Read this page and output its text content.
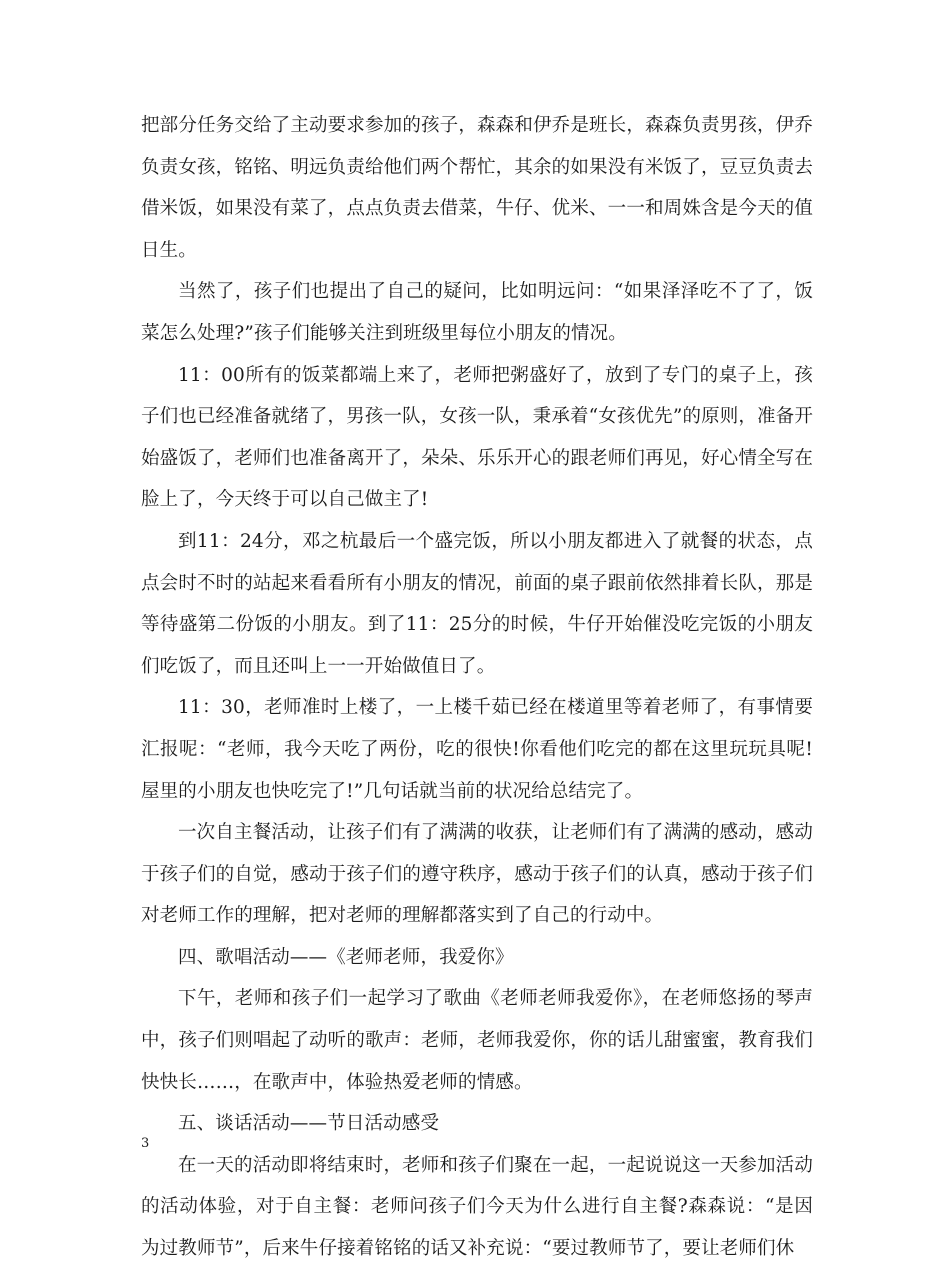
把部分任务交给了主动要求参加的孩子，森森和伊乔是班长，森森负责男孩，伊乔负责女孩，铭铭、明远负责给他们两个帮忙，其余的如果没有米饭了，豆豆负责去借米饭，如果没有菜了，点点负责去借菜，牛仔、优米、一一和周姝含是今天的值日生。

当然了，孩子们也提出了自己的疑问，比如明远问：“如果泽泽吃不了了，饭菜怎么处理?”孩子们能够关注到班级里每位小朋友的情况。

11：00所有的饭菜都端上来了，老师把粥盛好了，放到了专门的桌子上，孩子们也已经准备就绪了，男孩一队，女孩一队，秉承着“女孩优先”的原则，准备开始盛饭了，老师们也准备离开了，朵朵、乐乐开心的跟老师们再见，好心情全写在脸上了，今天终于可以自己做主了!

到11：24分，邓之杭最后一个盛完饭，所以小朋友都进入了就餐的状态，点点会时不时的站起来看看所有小朋友的情况，前面的桌子跟前依然排着长队，那是等待盛第二份饭的小朋友。到了11：25分的时候，牛仔开始催没吃完饭的小朋友们吃饭了，而且还叫上一一开始做值日了。

11：30，老师准时上楼了，一上楼千茹已经在楼道里等着老师了，有事情要汇报呢：“老师，我今天吃了两份，吃的很快!你看他们吃完的都在这里玩玩具呢!屋里的小朋友也快吃完了!”几句话就当前的状况给总结完了。

一次自主餐活动，让孩子们有了满满的收获，让老师们有了满满的感动，感动于孩子们的自觉，感动于孩子们的遵守秩序，感动于孩子们的认真，感动于孩子们对老师工作的理解，把对老师的理解都落实到了自己的行动中。

四、歌唱活动——《老师老师，我爱你》

下午，老师和孩子们一起学习了歌曲《老师老师我爱你》，在老师悠扬的琴声中，孩子们则唱起了动听的歌声：老师，老师我爱你，你的话儿甜蜜蜜，教育我们快快长……，在歌声中，体验热爱老师的情感。

五、谈话活动——节日活动感受

在一天的活动即将结束时，老师和孩子们聚在一起，一起说说这一天参加活动的活动体验，对于自主餐：老师问孩子们今天为什么进行自主餐?森森说：“是因为过教师节”，后来牛仔接着铭铭的话又补充说：“要过教师节了，要让老师们休

3
